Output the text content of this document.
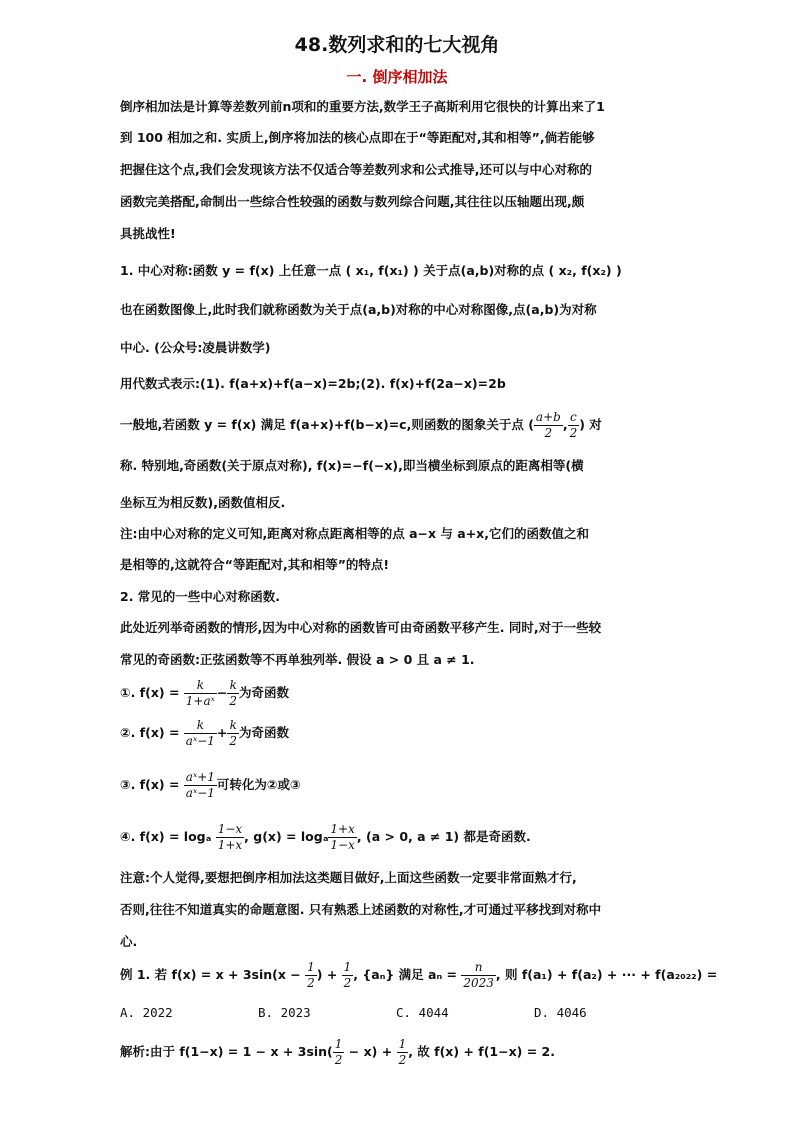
48.数列求和的七大视角
一. 倒序相加法
倒序相加法是计算等差数列前n项和的重要方法,数学王子高斯利用它很快的计算出来了1
到 100 相加之和. 实质上,倒序将加法的核心点即在于“等距配对,其和相等”,倘若能够
把握住这个点,我们会发现该方法不仅适合等差数列求和公式推导,还可以与中心对称的
函数完美搭配,命制出一些综合性较强的函数与数列综合问题,其往往以压轴题出现,颇
具挑战性!
1. 中心对称:函数 y = f(x) 上任意一点 ( x₁, f(x₁) ) 关于点(a,b)对称的点 ( x₂, f(x₂) )
也在函数图像上,此时我们就称函数为关于点(a,b)对称的中心对称图像,点(a,b)为对称
中心. (公众号:凌晨讲数学)
用代数式表示:(1). f(a+x)+f(a−x)=2b;(2). f(x)+f(2a−x)=2b
一般地,若函数 y = f(x) 满足 f(a+x)+f(b−x)=c,则函数的图象关于点 ( $\frac{a+b}{2}$ , $\frac{c}{2}$ ) 对
称. 特别地,奇函数(关于原点对称), f(x)=−f(−x),即当横坐标到原点的距离相等(横
坐标互为相反数),函数值相反.
注:由中心对称的定义可知,距离对称点距离相等的点 a−x 与 a+x,它们的函数值之和
是相等的,这就符合“等距配对,其和相等”的特点!
2. 常见的一些中心对称函数.
此处近列举奇函数的情形,因为中心对称的函数皆可由奇函数平移产生. 同时,对于一些较
常见的奇函数:正弦函数等不再单独列举. 假设 a > 0 且 a ≠ 1.
①. $f(x) = \frac{k}{\text{1+aˣ}} - \frac{k}{2}$ 为奇函数
②. $f(x) = \frac{k}{\text{aˣ−1}} + \frac{k}{2}$ 为奇函数
③. $f(x) = \frac{\text{aˣ+1}}{\text{aˣ−1}}$ 可转化为②或③
④. f(x) = logₐ $\frac{1-x}{1+x}$ , g(x) = logₐ $\frac{1+x}{1-x}$ , (a > 0, a ≠ 1) 都是奇函数.
注意:个人觉得,要想把倒序相加法这类题目做好,上面这些函数一定要非常面熟才行,
否则,往往不知道真实的命题意图. 只有熟悉上述函数的对称性,才可通过平移找到对称中
心.
例 1. 若 $f(x) = x + 3\sin(x - \frac{1}{2}$ ) + $\frac{1}{2}$ , {aₙ} 满足 $a_n = \frac{n}{2023}$ , 则 f(a₁) + f(a₂) + ··· + f(a₂₀₂₂) =
A. 2022	B. 2023	C. 4044	D. 4046
解析:由于 $f(1-x) = 1 - x + 3\sin( \frac{1}{2} - x) + \frac{1}{2}$ , 故 f(x) + f(1−x) = 2.
